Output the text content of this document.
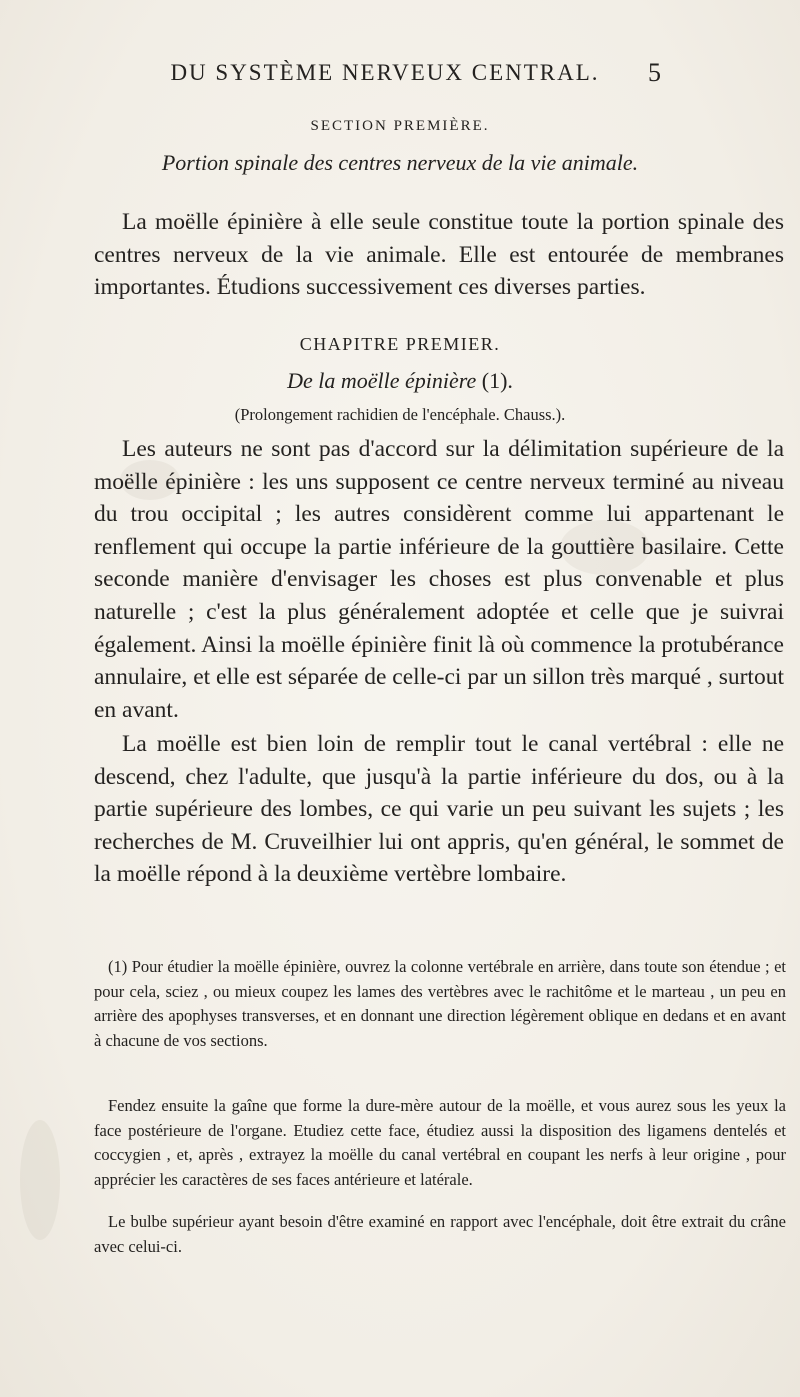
DU SYSTÈME NERVEUX CENTRAL.	5
SECTION PREMIÈRE.
Portion spinale des centres nerveux de la vie animale.

La moëlle épinière à elle seule constitue toute la portion spinale des centres nerveux de la vie animale. Elle est entourée de membranes importantes. Étudions successivement ces diverses parties.

CHAPITRE PREMIER.
De la moëlle épinière (1).
(Prolongement rachidien de l'encéphale. Chauss.).

Les auteurs ne sont pas d'accord sur la délimitation supérieure de la moëlle épinière : les uns supposent ce centre nerveux terminé au niveau du trou occipital ; les autres considèrent comme lui appartenant le renflement qui occupe la partie inférieure de la gouttière basilaire. Cette seconde manière d'envisager les choses est plus convenable et plus naturelle ; c'est la plus généralement adoptée et celle que je suivrai également. Ainsi la moëlle épinière finit là où commence la protubérance annulaire, et elle est séparée de celle-ci par un sillon très marqué , surtout en avant.

La moëlle est bien loin de remplir tout le canal vertébral : elle ne descend, chez l'adulte, que jusqu'à la partie inférieure du dos, ou à la partie supérieure des lombes, ce qui varie un peu suivant les sujets ; les recherches de M. Cruveilhier lui ont appris, qu'en général, le sommet de la moëlle répond à la deuxième vertèbre lombaire.

(1) Pour étudier la moëlle épinière, ouvrez la colonne vertébrale en arrière, dans toute son étendue ; et pour cela, sciez , ou mieux coupez les lames des vertèbres avec le rachitôme et le marteau , un peu en arrière des apophyses transverses, et en donnant une direction légèrement oblique en dedans et en avant à chacune de vos sections.

Fendez ensuite la gaîne que forme la dure-mère autour de la moëlle, et vous aurez sous les yeux la face postérieure de l'organe. Etudiez cette face, étudiez aussi la disposition des ligamens dentelés et coccygien , et, après , extrayez la moëlle du canal vertébral en coupant les nerfs à leur origine , pour apprécier les caractères de ses faces antérieure et latérale.

Le bulbe supérieur ayant besoin d'être examiné en rapport avec l'encéphale, doit être extrait du crâne avec celui-ci.
